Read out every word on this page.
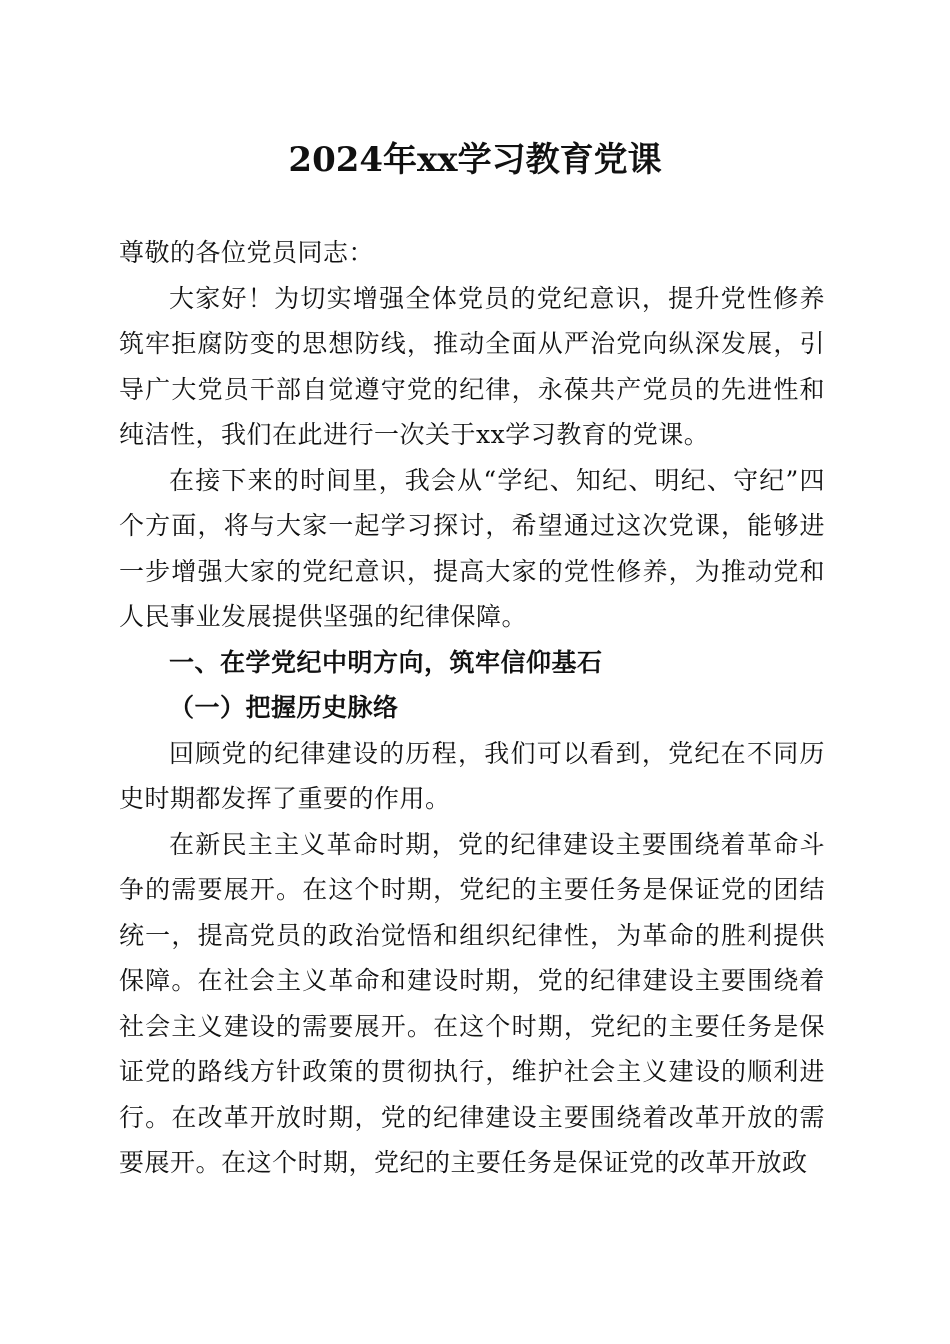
2024年xx学习教育党课

尊敬的各位党员同志：

大家好！为切实增强全体党员的党纪意识，提升党性修养筑牢拒腐防变的思想防线，推动全面从严治党向纵深发展，引导广大党员干部自觉遵守党的纪律，永葆共产党员的先进性和纯洁性，我们在此进行一次关于xx学习教育的党课。

在接下来的时间里，我会从“学纪、知纪、明纪、守纪”四个方面，将与大家一起学习探讨，希望通过这次党课，能够进一步增强大家的党纪意识，提高大家的党性修养，为推动党和人民事业发展提供坚强的纪律保障。

一、在学党纪中明方向，筑牢信仰基石

（一）把握历史脉络

回顾党的纪律建设的历程，我们可以看到，党纪在不同历史时期都发挥了重要的作用。

在新民主主义革命时期，党的纪律建设主要围绕着革命斗争的需要展开。在这个时期，党纪的主要任务是保证党的团结统一，提高党员的政治觉悟和组织纪律性，为革命的胜利提供保障。在社会主义革命和建设时期，党的纪律建设主要围绕着社会主义建设的需要展开。在这个时期，党纪的主要任务是保证党的路线方针政策的贯彻执行，维护社会主义建设的顺利进行。在改革开放时期，党的纪律建设主要围绕着改革开放的需要展开。在这个时期，党纪的主要任务是保证党的改革开放政
